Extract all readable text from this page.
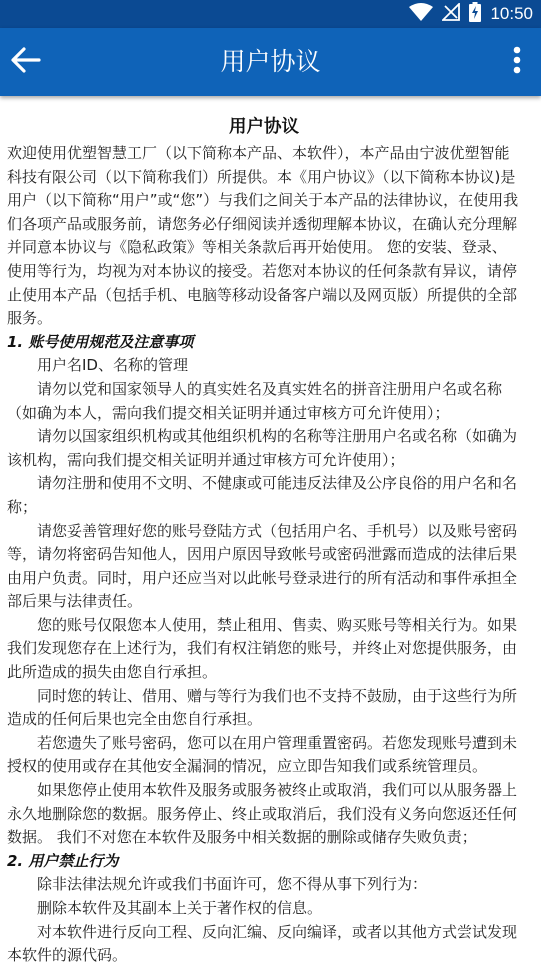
10:50
用户协议
用户协议

欢迎使用优塑智慧工厂（以下简称本产品、本软件），本产品由宁波优塑智能科技有限公司（以下简称我们）所提供。本《用户协议》（以下简称本协议)是用户（以下简称“用户”或“您”）与我们之间关于本产品的法律协议，在使用我们各项产品或服务前，请您务必仔细阅读并透彻理解本协议，在确认充分理解并同意本协议与《隐私政策》等相关条款后再开始使用。 您的安装、登录、使用等行为，均视为对本协议的接受。若您对本协议的任何条款有异议，请停止使用本产品（包括手机、电脑等移动设备客户端以及网页版）所提供的全部服务。

1. 账号使用规范及注意事项

用户名ID、名称的管理

请勿以党和国家领导人的真实姓名及真实姓名的拼音注册用户名或名称（如确为本人，需向我们提交相关证明并通过审核方可允许使用）；

请勿以国家组织机构或其他组织机构的名称等注册用户名或名称（如确为该机构，需向我们提交相关证明并通过审核方可允许使用）；

请勿注册和使用不文明、不健康或可能违反法律及公序良俗的用户名和名称；

请您妥善管理好您的账号登陆方式（包括用户名、手机号）以及账号密码等，请勿将密码告知他人，因用户原因导致帐号或密码泄露而造成的法律后果由用户负责。同时，用户还应当对以此帐号登录进行的所有活动和事件承担全部后果与法律责任。

您的账号仅限您本人使用，禁止租用、售卖、购买账号等相关行为。如果我们发现您存在上述行为，我们有权注销您的账号，并终止对您提供服务，由此所造成的损失由您自行承担。

同时您的转让、借用、赠与等行为我们也不支持不鼓励，由于这些行为所造成的任何后果也完全由您自行承担。

若您遗失了账号密码，您可以在用户管理重置密码。若您发现账号遭到未授权的使用或存在其他安全漏洞的情况，应立即告知我们或系统管理员。

如果您停止使用本软件及服务或服务被终止或取消，我们可以从服务器上永久地删除您的数据。服务停止、终止或取消后，我们没有义务向您返还任何数据。 我们不对您在本软件及服务中相关数据的删除或储存失败负责；

2. 用户禁止行为

除非法律法规允许或我们书面许可，您不得从事下列行为：

删除本软件及其副本上关于著作权的信息。

对本软件进行反向工程、反向汇编、反向编译，或者以其他方式尝试发现本软件的源代码。
